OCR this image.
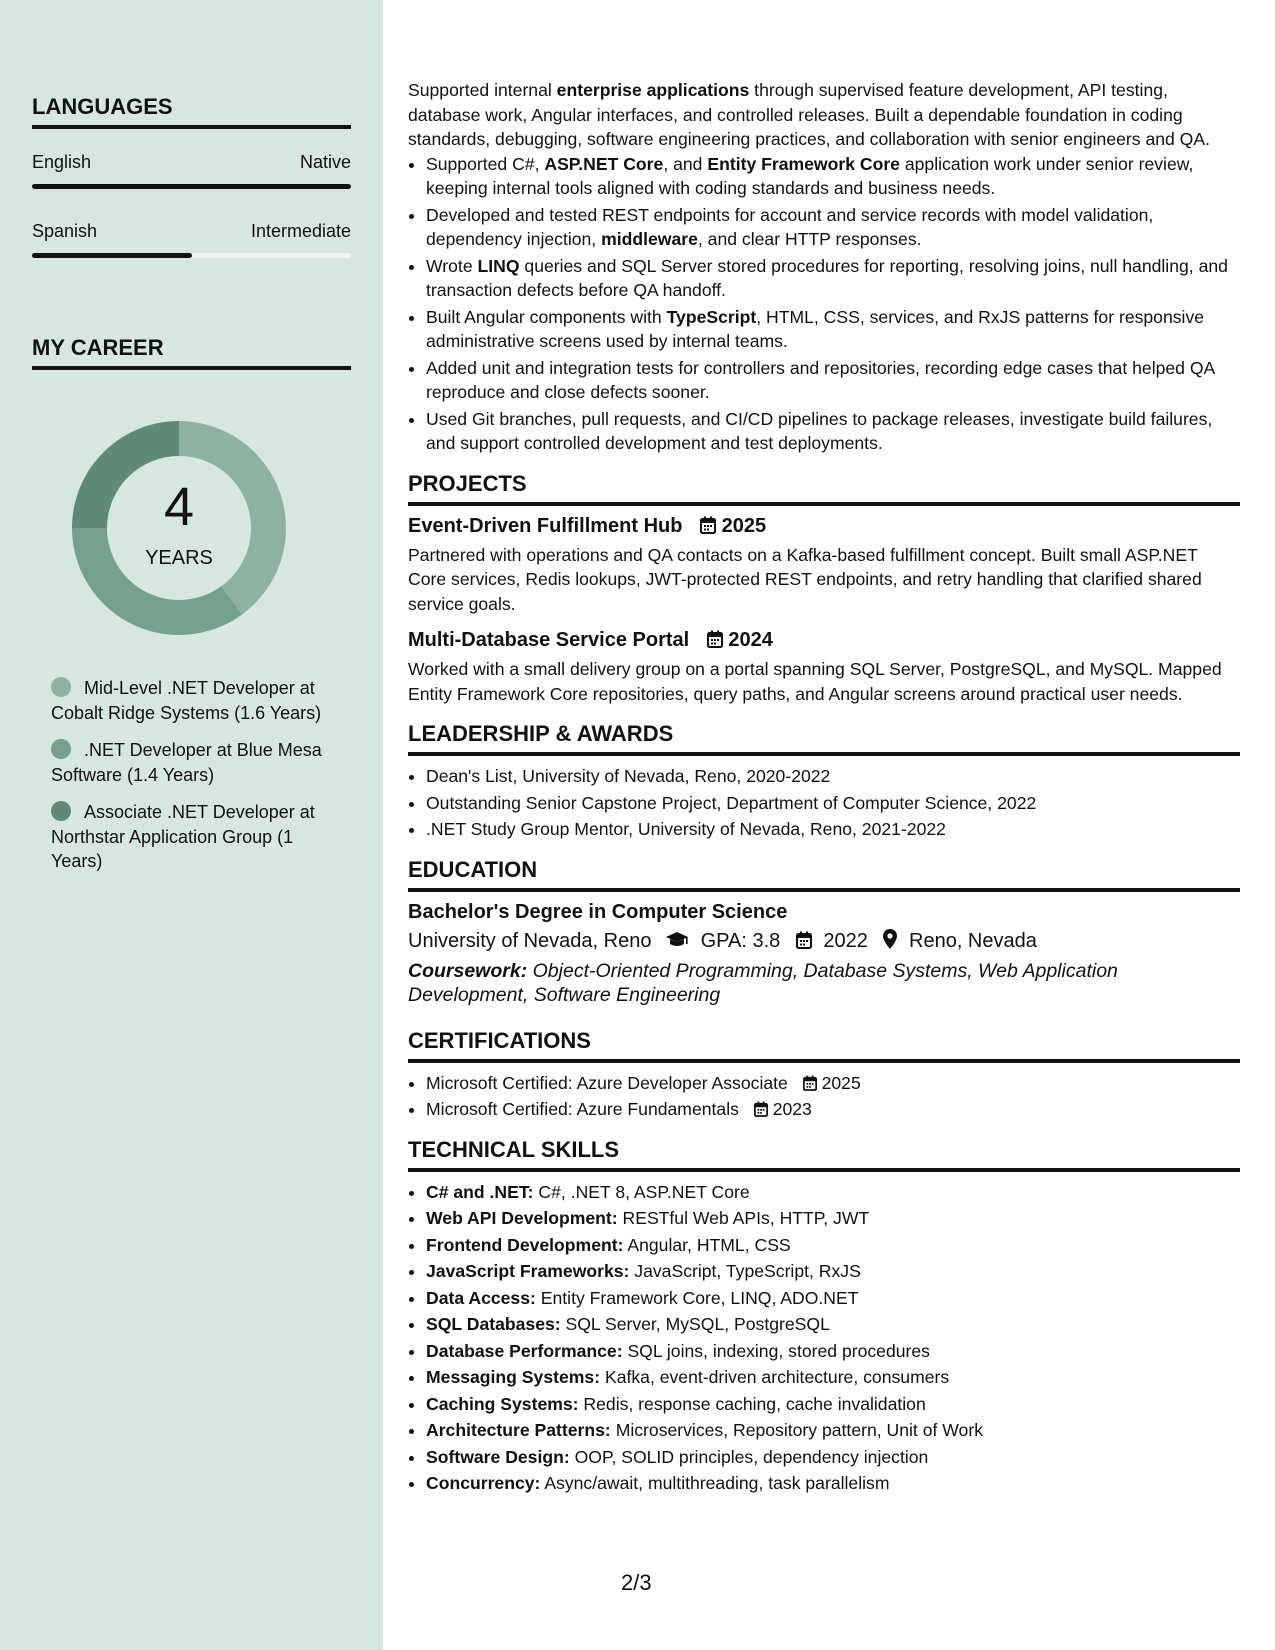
LANGUAGES
English	Native
Spanish	Intermediate
MY CAREER
4
YEARS
Mid-Level .NET Developer at Cobalt Ridge Systems (1.6 Years)
.NET Developer at Blue Mesa Software (1.4 Years)
Associate .NET Developer at Northstar Application Group (1 Years)

Supported internal enterprise applications through supervised feature development, API testing, database work, Angular interfaces, and controlled releases. Built a dependable foundation in coding standards, debugging, software engineering practices, and collaboration with senior engineers and QA.

• Supported C#, ASP.NET Core, and Entity Framework Core application work under senior review, keeping internal tools aligned with coding standards and business needs.
• Developed and tested REST endpoints for account and service records with model validation, dependency injection, middleware, and clear HTTP responses.
• Wrote LINQ queries and SQL Server stored procedures for reporting, resolving joins, null handling, and transaction defects before QA handoff.
• Built Angular components with TypeScript, HTML, CSS, services, and RxJS patterns for responsive administrative screens used by internal teams.
• Added unit and integration tests for controllers and repositories, recording edge cases that helped QA reproduce and close defects sooner.
• Used Git branches, pull requests, and CI/CD pipelines to package releases, investigate build failures, and support controlled development and test deployments.
PROJECTS
Event-Driven Fulfillment Hub 2025

Partnered with operations and QA contacts on a Kafka-based fulfillment concept. Built small ASP.NET Core services, Redis lookups, JWT-protected REST endpoints, and retry handling that clarified shared service goals.

Multi-Database Service Portal 2024

Worked with a small delivery group on a portal spanning SQL Server, PostgreSQL, and MySQL. Mapped Entity Framework Core repositories, query paths, and Angular screens around practical user needs.

LEADERSHIP & AWARDS
• Dean's List, University of Nevada, Reno, 2020-2022
• Outstanding Senior Capstone Project, Department of Computer Science, 2022
• .NET Study Group Mentor, University of Nevada, Reno, 2021-2022
EDUCATION
Bachelor's Degree in Computer Science
University of Nevada, Reno GPA: 3.8 2022 Reno, Nevada

Coursework: Object-Oriented Programming, Database Systems, Web Application Development, Software Engineering

CERTIFICATIONS
• Microsoft Certified: Azure Developer Associate 2025
• Microsoft Certified: Azure Fundamentals 2023
TECHNICAL SKILLS
• C# and .NET: C#, .NET 8, ASP.NET Core
• Web API Development: RESTful Web APIs, HTTP, JWT
• Frontend Development: Angular, HTML, CSS
• JavaScript Frameworks: JavaScript, TypeScript, RxJS
• Data Access: Entity Framework Core, LINQ, ADO.NET
• SQL Databases: SQL Server, MySQL, PostgreSQL
• Database Performance: SQL joins, indexing, stored procedures
• Messaging Systems: Kafka, event-driven architecture, consumers
• Caching Systems: Redis, response caching, cache invalidation
• Architecture Patterns: Microservices, Repository pattern, Unit of Work
• Software Design: OOP, SOLID principles, dependency injection
• Concurrency: Async/await, multithreading, task parallelism
2/3
